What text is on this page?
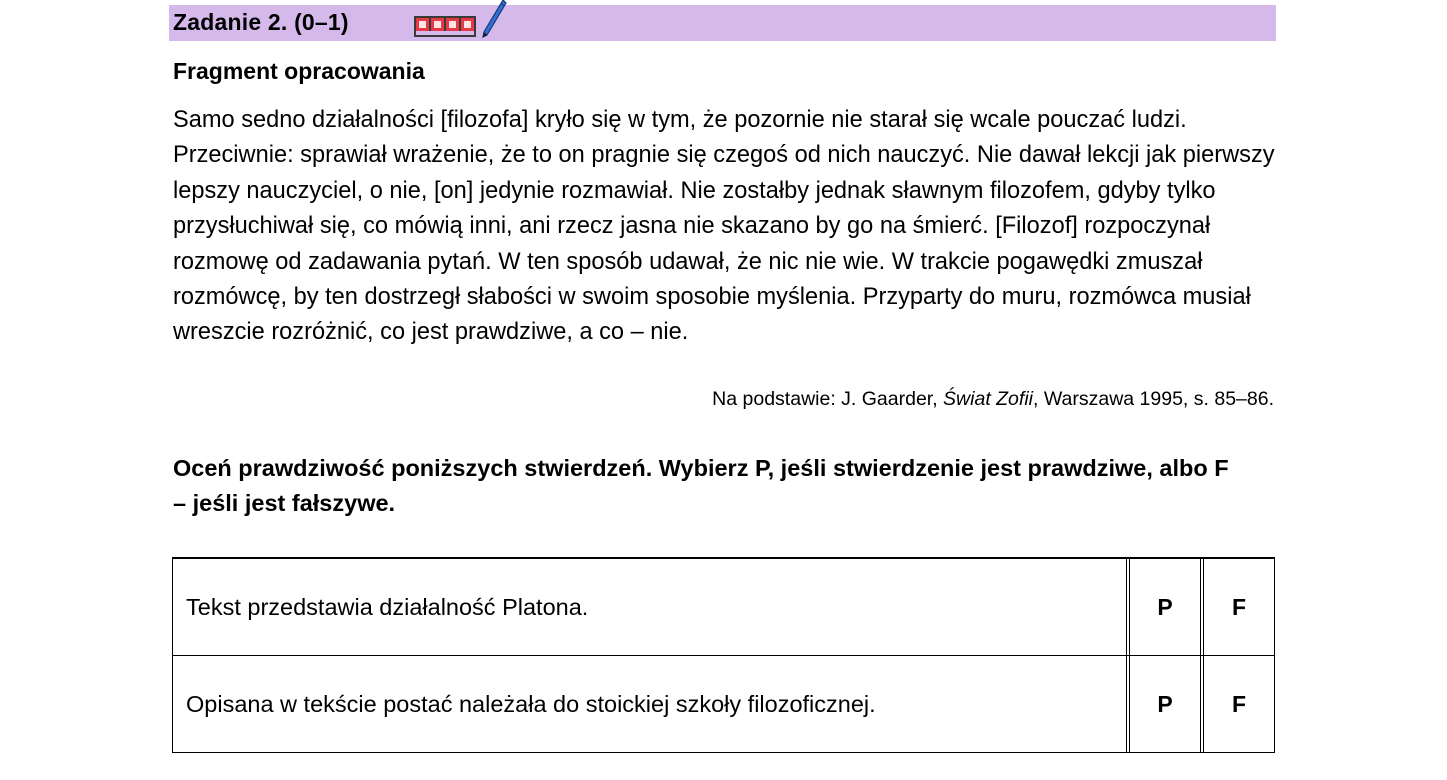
Zadanie 2. (0–1)
Fragment opracowania

Samo sedno działalności [filozofa] kryło się w tym, że pozornie nie starał się wcale pouczać ludzi. Przeciwnie: sprawiał wrażenie, że to on pragnie się czegoś od nich nauczyć. Nie dawał lekcji jak pierwszy lepszy nauczyciel, o nie, [on] jedynie rozmawiał. Nie zostałby jednak sławnym filozofem, gdyby tylko przysłuchiwał się, co mówią inni, ani rzecz jasna nie skazano by go na śmierć. [Filozof] rozpoczynał rozmowę od zadawania pytań. W ten sposób udawał, że nic nie wie. W trakcie pogawędki zmuszał rozmówcę, by ten dostrzegł słabości w swoim sposobie myślenia. Przyparty do muru, rozmówca musiał wreszcie rozróżnić, co jest prawdziwe, a co – nie.

Na podstawie: J. Gaarder, Świat Zofii, Warszawa 1995, s. 85–86.

Oceń prawdziwość poniższych stwierdzeń. Wybierz P, jeśli stwierdzenie jest prawdziwe, albo F – jeśli jest fałszywe.

Tekst przedstawia działalność Platona.		P		F
Opisana w tekście postać należała do stoickiej szkoły filozoficznej.		P		F
